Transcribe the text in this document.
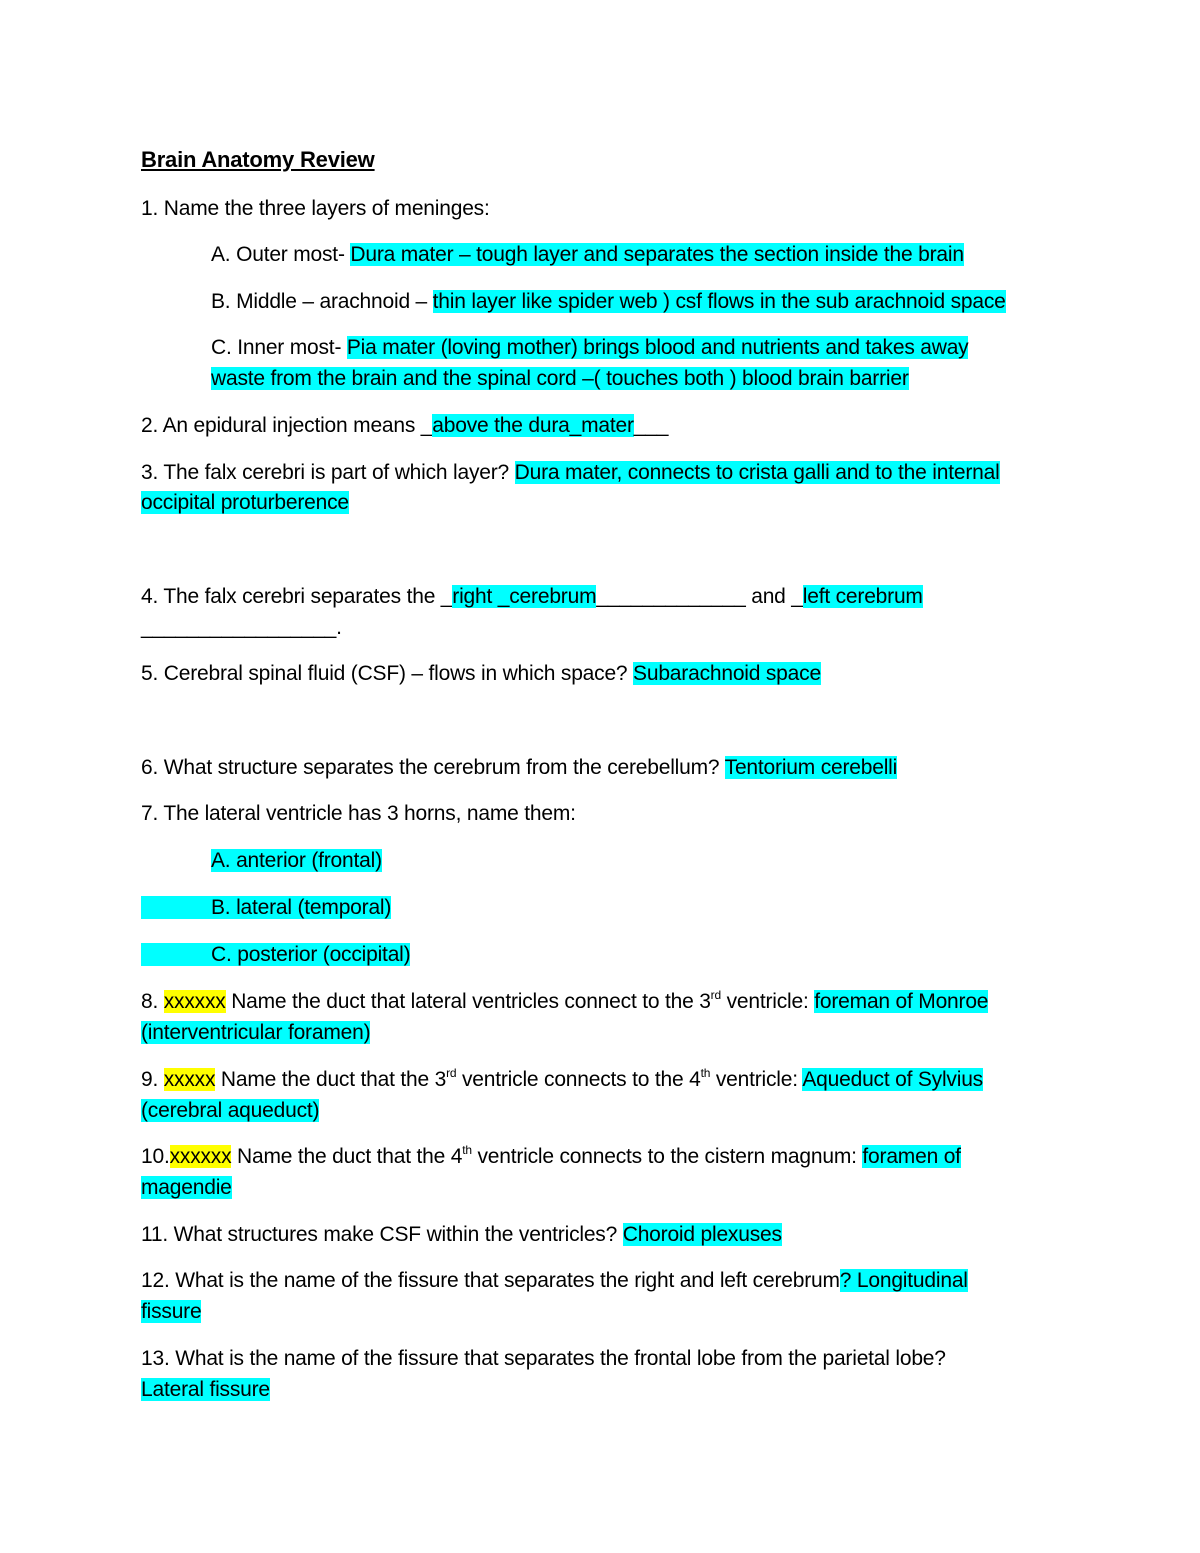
Brain Anatomy Review
1. Name the three layers of meninges:
A. Outer most- Dura mater – tough layer and separates the section inside the brain
B. Middle – arachnoid – thin layer like spider web ) csf flows in the sub arachnoid space
C. Inner most- Pia mater (loving mother) brings blood and nutrients and takes away
waste from the brain and the spinal cord –( touches both ) blood brain barrier
2. An epidural injection means _above the dura_mater___
3. The falx cerebri is part of which layer? Dura mater, connects to crista galli and to the internal
occipital proturberence
4. The falx cerebri separates the _right _cerebrum_____________ and _left cerebrum
_________________.
5. Cerebral spinal fluid (CSF) – flows in which space? Subarachnoid space
6. What structure separates the cerebrum from the cerebellum? Tentorium cerebelli
7. The lateral ventricle has 3 horns, name them:
A. anterior (frontal)
B. lateral (temporal)
C. posterior (occipital)
8. xxxxxx Name the duct that lateral ventricles connect to the 3rd ventricle: foreman of Monroe
(interventricular foramen)
9. xxxxx Name the duct that the 3rd ventricle connects to the 4th ventricle: Aqueduct of Sylvius
(cerebral aqueduct)
10.xxxxxx Name the duct that the 4th ventricle connects to the cistern magnum: foramen of
magendie
11. What structures make CSF within the ventricles? Choroid plexuses
12. What is the name of the fissure that separates the right and left cerebrum? Longitudinal
fissure
13. What is the name of the fissure that separates the frontal lobe from the parietal lobe?
Lateral fissure
